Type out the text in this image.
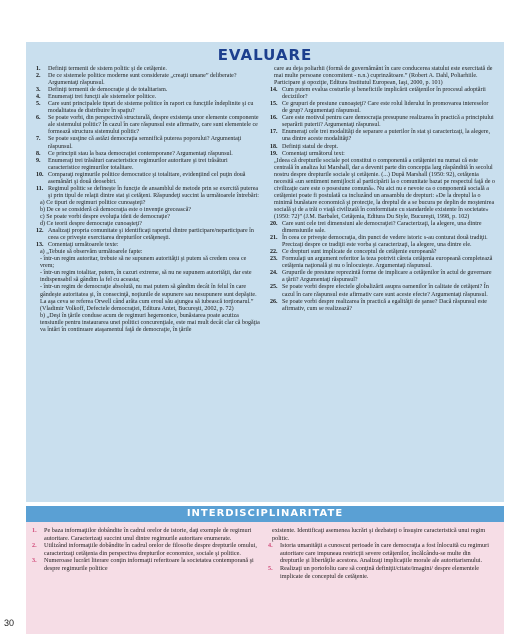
EVALUARE
1. Definiţi termenii de sistem politic şi de cetăţenie.
2. De ce sistemele politice moderne sunt considerate „creaţii umane” deliberate? Argumentaţi răspunsul.
3. Definiţi termenii de democraţie şi de totalitarism.
4. Enumeraţi trei funcţii ale sistemelor politice.
5. Care sunt principalele tipuri de sisteme politice în raport cu funcţiile îndeplinite şi cu modalitatea de distribuire în spaţiu?
6. Se poate vorbi, din perspectivă structurală, despre existenţa unor elemente componente ale sistemului politic? În cazul în care răspunsul este afirmativ, care sunt elementele ce formează structura sistemului politic?
7. Se poate susţine că astăzi democraţia semnifică puterea poporului? Argumentaţi răspunsul.
8. Ce principii stau la baza democraţiei contemporane? Argumentaţi răspunsul.
9. Enumeraţi trei trăsături caracteristice regimurilor autoritare şi trei trăsături caracteristice regimurilor totalitare.
10. Comparaţi regimurile politice democratice şi totalitare, evidenţiind cel puţin două asemănări şi două deosebiri.
11. Regimul politic se defineşte în funcţie de ansamblul de metode prin se exercită puterea şi prin tipul de relaţii dintre stat şi cetăţeni. Răspundeţi succint la următoarele întrebări:
a) Ce tipuri de regimuri politice cunoaşteţi?
b) De ce se consideră că democraţia este o invenţie grecească?
c) Se poate vorbi despre evoluţia ideii de democraţie?
d) Ce teorii despre democraţie cunoaşteţi?
12. Analizaţi propria comunitate şi identificaţi raportul dintre participare/neparticipare în ceea ce priveşte exercitarea drepturilor cetăţeneşti.
13. Comentaţi următoarele texte:
a) „Tebuie să observăm următoarele fapte:
- într-un regim autoritar, trebuie să ne supunem autorităţii şi putem să credem ceea ce vrem;
- într-un regim totalitar, putem, în cazuri extreme, să nu ne supunem autorităţii, dar este indispensabil să gândim la fel cu aceasta;
- într-un regim de democraţie absolută, nu mai putem să gândim decât în felul în care gândeşte autoritatea şi, în consecinţă, noţiunile de supunere sau nesupunere sunt depăşite. La aşa ceva se referea Orwell când arăta cum eroul său ajungea să iubească torţionarul.” (Vladimir Volkoff, Defectele democraţiei, Editura Antet, Bucureşti, 2002, p. 72)
b) „Deşi în ţările conduse acum de regimuri hegemonice, bunăstarea poate acutiza tensiunile pentru instaurarea unei politici concurenţiale, este mai mult decât clar că bogăţia va întări în continuare ataşamentul faţă de democraţie, în ţările
care au deja poliarhii (formă de guvernământ în care conducerea statului este exercitată de mai multe persoane concomitent - n.n.) cuprinzătoare.” (Robert A. Dahl, Poliarhiile. Participare şi opoziţie, Editura Institutul European, Iaşi, 2000, p. 101)
14. Cum putem evalua costurile şi beneficiile implicării cetăţenilor în procesul adoptării deciziilor?
15. Ce grupuri de presiune cunoaşteţi? Care este rolul liderului în promovarea intereselor de grup? Argumentaţi răspunsul.
16. Care este motivul pentru care democraţia presupune realizarea în practică a principiului separării puterii? Argumentaţi răspunsul.
17. Enumeraţi cele trei modalităţi de separare a puterilor în stat şi caracterizaţi, la alegere, una dintre aceste modalităţi?
18. Definiţi statul de drept.
19. Comentaţi următorul text:
„Ideea că drepturile sociale pot constitui o componentă a cetăţeniei nu numai că este centrală în analiza lui Marshall, dar a devenit parte din concepţia larg răspândită în secolul nostru despre drepturile sociale şi cetăţenie. (...) După Marshall (1950: 92), cetăţenia necesită «un sentiment nemijlocit al participării la o comunitate bazat pe respectul faţă de o civilizaţie care este o posesiune comună». Nu aici nu e nevoie ca o componentă socială a cetăţeniei poate fi postulată ca incluzând un ansamblu de drepturi: «De la dreptul la o minimă bunăstare economică şi protecţie, la dreptul de a se bucura pe deplin de moştenirea socială şi de a trăi o viaţă civilizată în conformitate cu standardele existente în societate» (1950: 72)” (J.M. Barbalet, Cetăţenia, Editura Du Style, Bucureşti, 1998, p. 102)
20. Care sunt cele trei dimensiuni ale democraţiei? Caracterizaţi, la alegere, una dintre dimensiunile sale.
21. În ceea ce priveşte democraţia, din punct de vedere istoric s-au conturat două tradiţii. Precizaţi despre ce tradiţii este vorba şi caracterizaţi, la alegere, una dintre ele.
22. Ce drepturi sunt implicate de conceptul de cetăţenie europeană?
23. Formulaţi un argument referitor la teza potrivit căreia cetăţenia europeană completează cetăţenia naţională şi nu o înlocuieşte. Argumentaţi răspunsul.
24. Grupurile de presiune reprezintă forme de implicare a cetăţenilor în actul de guvernare a ţării? Argumentaţi răspunsul?
25. Se poate vorbi despre efectele globalizării asupra oamenilor în calitate de cetăţeni? În cazul în care răspunsul este afirmativ care sunt aceste efecte? Argumentaţi răspunsul.
26. Se poate vorbi despre realizarea în practică a egalităţii de şanse? Dacă răspunsul este afirmativ, cum se realizează?
INTERDISCIPLINARITATE
1. Pe baza informaţiilor dobândite în cadrul orelor de istorie, daţi exemple de regimuri autoritare. Caracterizaţi succint unul dintre regimurile autoritare enumerate.
2. Utilizând informaţiile dobândite în cadrul orelor de filosofie despre drepturile omului, caracterizaţi cetăţenia din perspectiva drepturilor economice, sociale şi politice.
3. Numeroase lucrări literare conţin informaţii referitoare la societatea contemporană şi despre regimurile politice
existente. Identificaţi asemenea lucrări şi dezbateţi o însuşire caracteristică unui regim politic.
4. Istoria umanităţii a cunoscut perioade în care democraţia a fost înlocuită cu regimuri autoritare care impuneau restricţii severe cetăţenilor, încălcându-se multe din drepturile şi libertăţile acestora. Analizaţi implicaţiile morale ale autoritarismului.
5. Realizaţi un portofoliu care să conţină definiţii/citate/imagini/ despre elementele implicate de conceptul de cetăţenie.
30
